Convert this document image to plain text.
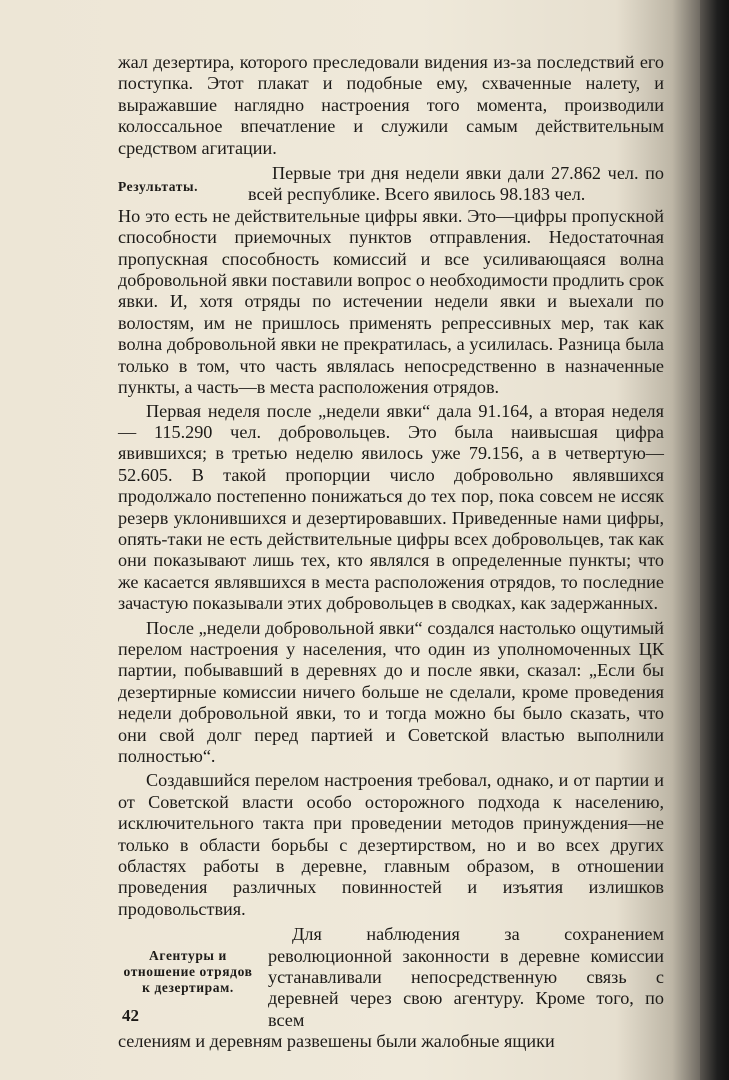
жал дезертира, которого преследовали видения из-за последствий его поступка. Этот плакат и подобные ему, схваченные налету, и выражавшие наглядно настроения того момента, производили колоссальное впечатление и служили самым действительным средством агитации.

Результаты.

Первые три дня недели явки дали 27.862 чел. по всей республике. Всего явилось 98.183 чел.

Но это есть не действительные цифры явки. Это—цифры пропускной способности приемочных пунктов отправления. Недостаточная пропускная способность комиссий и все усиливающаяся волна добровольной явки поставили вопрос о необходимости продлить срок явки. И, хотя отряды по истечении недели явки и выехали по волостям, им не пришлось применять репрессивных мер, так как волна добровольной явки не прекратилась, а усилилась. Разница была только в том, что часть являлась непосредственно в назначенные пункты, а часть—в места расположения отрядов.

Первая неделя после „недели явки“ дала 91.164, а вторая неделя — 115.290 чел. добровольцев. Это была наивысшая цифра явившихся; в третью неделю явилось уже 79.156, а в четвертую—52.605. В такой пропорции число добровольно являвшихся продолжало постепенно понижаться до тех пор, пока совсем не иссяк резерв уклонившихся и дезертировавших. Приведенные нами цифры, опять-таки не есть действительные цифры всех добровольцев, так как они показывают лишь тех, кто являлся в определенные пункты; что же касается являвшихся в места расположения отрядов, то последние зачастую показывали этих добровольцев в сводках, как задержанных.

После „недели добровольной явки“ создался настолько ощутимый перелом настроения у населения, что один из уполномоченных ЦК партии, побывавший в деревнях до и после явки, сказал: „Если бы дезертирные комиссии ничего больше не сделали, кроме проведения недели добровольной явки, то и тогда можно бы было сказать, что они свой долг перед партией и Советской властью выполнили полностью“.

Создавшийся перелом настроения требовал, однако, и от партии и от Советской власти особо осторожного подхода к населению, исключительного такта при проведении методов принуждения—не только в области борьбы с дезертирством, но и во всех других областях работы в деревне, главным образом, в отношении проведения различных повинностей и изъятия излишков продовольствия.

Агентуры и отношение отрядов к дезертирам.

Для наблюдения за сохранением революционной законности в деревне комиссии устанавливали непосредственную связь с деревней через свою агентуру. Кроме того, по всем

селениям и деревням развешены были жалобные ящики

42
